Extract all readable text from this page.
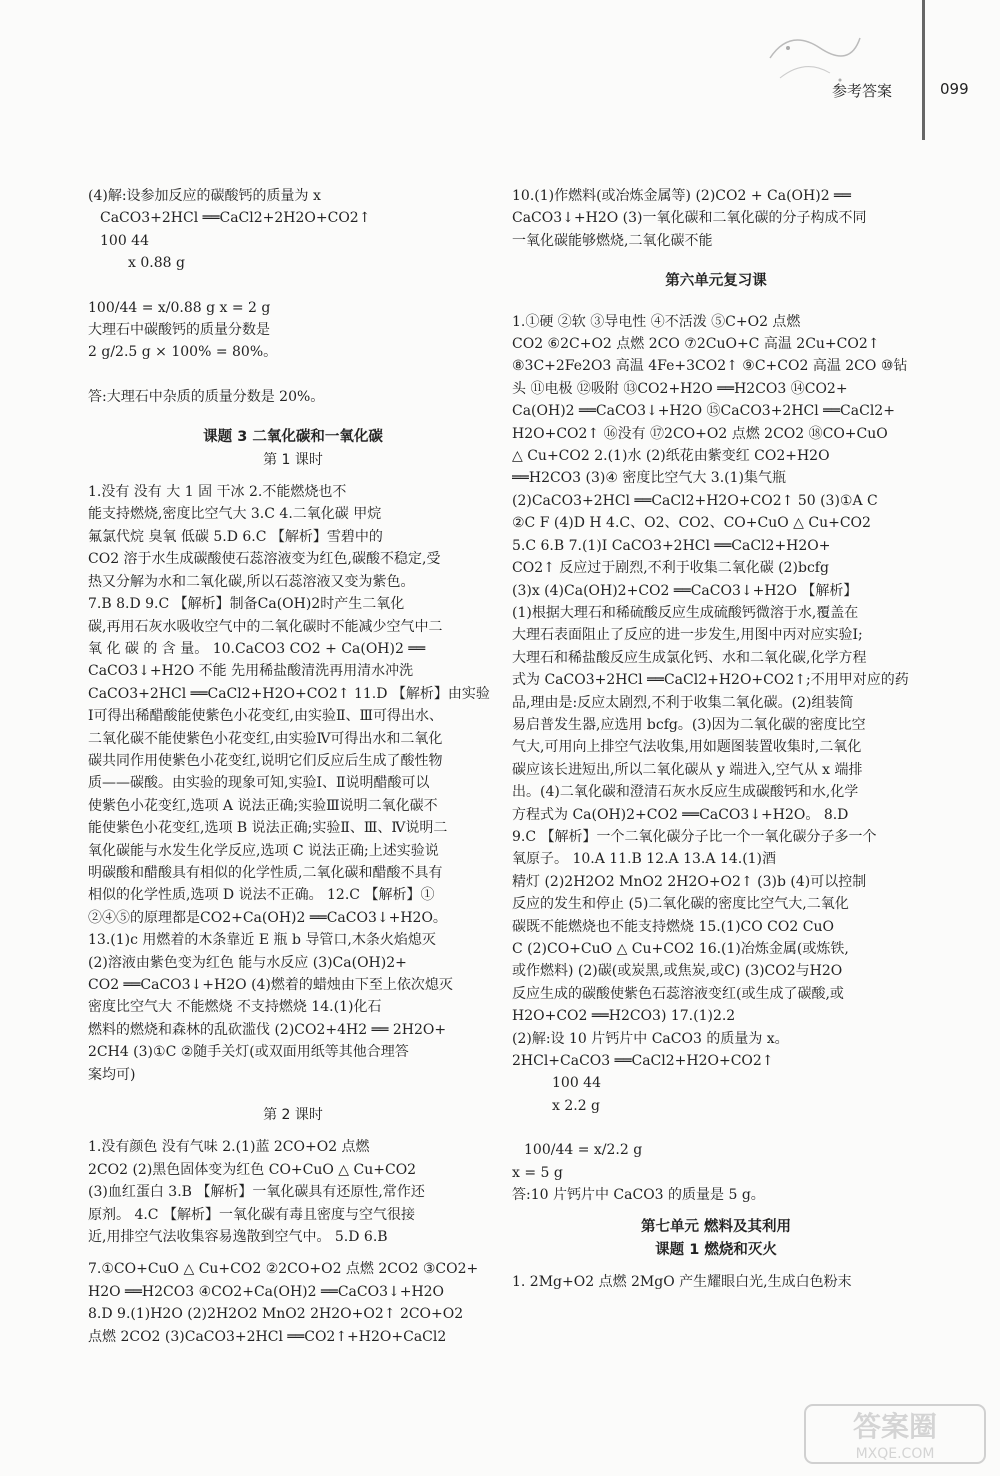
参考答案	099
(4)解:设参加反应的碳酸钙的质量为 x
CaCO3+2HCl ══CaCl2+2H2O+CO2↑
100 44
x 0.88 g
100/44 = x/0.88 g x = 2 g
大理石中碳酸钙的质量分数是
2 g/2.5 g × 100% = 80%。
答:大理石中杂质的质量分数是 20%。
课题 3 二氧化碳和一氧化碳
第 1 课时
1.没有 没有 大 1 固 干冰 2.不能燃烧也不
能支持燃烧,密度比空气大 3.C 4.二氧化碳 甲烷
氟氯代烷 臭氧 低碳 5.D 6.C 【解析】雪碧中的
CO2 溶于水生成碳酸使石蕊溶液变为红色,碳酸不稳定,受
热又分解为水和二氧化碳,所以石蕊溶液又变为紫色。
7.B 8.D 9.C 【解析】制备Ca(OH)2时产生二氧化
碳,再用石灰水吸收空气中的二氧化碳时不能减少空气中二
氧 化 碳 的 含 量。 10.CaCO3 CO2 + Ca(OH)2 ══
CaCO3↓+H2O 不能 先用稀盐酸清洗再用清水冲洗
CaCO3+2HCl ══CaCl2+H2O+CO2↑ 11.D 【解析】由实验
Ⅰ可得出稀醋酸能使紫色小花变红,由实验Ⅱ、Ⅲ可得出水、
二氧化碳不能使紫色小花变红,由实验Ⅳ可得出水和二氧化
碳共同作用使紫色小花变红,说明它们反应后生成了酸性物
质——碳酸。由实验的现象可知,实验Ⅰ、Ⅱ说明醋酸可以
使紫色小花变红,选项 A 说法正确;实验Ⅲ说明二氧化碳不
能使紫色小花变红,选项 B 说法正确;实验Ⅱ、Ⅲ、Ⅳ说明二
氧化碳能与水发生化学反应,选项 C 说法正确;上述实验说
明碳酸和醋酸具有相似的化学性质,二氧化碳和醋酸不具有
相似的化学性质,选项 D 说法不正确。 12.C 【解析】①
②④⑤的原理都是CO2+Ca(OH)2 ══CaCO3↓+H2O。
13.(1)c 用燃着的木条靠近 E 瓶 b 导管口,木条火焰熄灭
(2)溶液由紫色变为红色 能与水反应 (3)Ca(OH)2+
CO2 ══CaCO3↓+H2O (4)燃着的蜡烛由下至上依次熄灭
密度比空气大 不能燃烧 不支持燃烧 14.(1)化石
燃料的燃烧和森林的乱砍滥伐 (2)CO2+4H2 ══ 2H2O+
2CH4 (3)①C ②随手关灯(或双面用纸等其他合理答
案均可)
第 2 课时
1.没有颜色 没有气味 2.(1)蓝 2CO+O2 点燃
2CO2 (2)黑色固体变为红色 CO+CuO △ Cu+CO2
(3)血红蛋白 3.B 【解析】一氧化碳具有还原性,常作还
原剂。 4.C 【解析】一氧化碳有毒且密度与空气很接
近,用排空气法收集容易逸散到空气中。 5.D 6.B
7.①CO+CuO △ Cu+CO2 ②2CO+O2 点燃 2CO2 ③CO2+
H2O ══H2CO3 ④CO2+Ca(OH)2 ══CaCO3↓+H2O
8.D 9.(1)H2O (2)2H2O2 MnO2 2H2O+O2↑ 2CO+O2
点燃 2CO2 (3)CaCO3+2HCl ══CO2↑+H2O+CaCl2
10.(1)作燃料(或冶炼金属等) (2)CO2 + Ca(OH)2 ══
CaCO3↓+H2O (3)一氧化碳和二氧化碳的分子构成不同
一氧化碳能够燃烧,二氧化碳不能
第六单元复习课
1.①硬 ②软 ③导电性 ④不活泼 ⑤C+O2 点燃
CO2 ⑥2C+O2 点燃 2CO ⑦2CuO+C 高温 2Cu+CO2↑
⑧3C+2Fe2O3 高温 4Fe+3CO2↑ ⑨C+CO2 高温 2CO ⑩钻
头 ⑪电极 ⑫吸附 ⑬CO2+H2O ══H2CO3 ⑭CO2+
Ca(OH)2 ══CaCO3↓+H2O ⑮CaCO3+2HCl ══CaCl2+
H2O+CO2↑ ⑯没有 ⑰2CO+O2 点燃 2CO2 ⑱CO+CuO
△ Cu+CO2 2.(1)水 (2)纸花由紫变红 CO2+H2O
══H2CO3 (3)④ 密度比空气大 3.(1)集气瓶
(2)CaCO3+2HCl ══CaCl2+H2O+CO2↑ 50 (3)①A C
②C F (4)D H 4.C、O2、CO2、CO+CuO △ Cu+CO2
5.C 6.B 7.(1)Ⅰ CaCO3+2HCl ══CaCl2+H2O+
CO2↑ 反应过于剧烈,不利于收集二氧化碳 (2)bcfg
(3)x (4)Ca(OH)2+CO2 ══CaCO3↓+H2O 【解析】
(1)根据大理石和稀硫酸反应生成硫酸钙微溶于水,覆盖在
大理石表面阻止了反应的进一步发生,用图中丙对应实验Ⅰ;
大理石和稀盐酸反应生成氯化钙、水和二氧化碳,化学方程
式为 CaCO3+2HCl ══CaCl2+H2O+CO2↑;不用甲对应的药
品,理由是:反应太剧烈,不利于收集二氧化碳。(2)组装简
易启普发生器,应选用 bcfg。(3)因为二氧化碳的密度比空
气大,可用向上排空气法收集,用如题图装置收集时,二氧化
碳应该长进短出,所以二氧化碳从 y 端进入,空气从 x 端排
出。(4)二氧化碳和澄清石灰水反应生成碳酸钙和水,化学
方程式为 Ca(OH)2+CO2 ══CaCO3↓+H2O。 8.D
9.C 【解析】一个二氧化碳分子比一个一氧化碳分子多一个
氧原子。 10.A 11.B 12.A 13.A 14.(1)酒
精灯 (2)2H2O2 MnO2 2H2O+O2↑ (3)b (4)可以控制
反应的发生和停止 (5)二氧化碳的密度比空气大,二氧化
碳既不能燃烧也不能支持燃烧 15.(1)CO CO2 CuO
C (2)CO+CuO △ Cu+CO2 16.(1)冶炼金属(或炼铁,
或作燃料) (2)碳(或炭黑,或焦炭,或C) (3)CO2与H2O
反应生成的碳酸使紫色石蕊溶液变红(或生成了碳酸,或
H2O+CO2 ══H2CO3) 17.(1)2.2
(2)解:设 10 片钙片中 CaCO3 的质量为 x。
2HCl+CaCO3 ══CaCl2+H2O+CO2↑
100 44
x 2.2 g
100/44 = x/2.2 g
x = 5 g
答:10 片钙片中 CaCO3 的质量是 5 g。
第七单元 燃料及其利用
课题 1 燃烧和灭火
1. 2Mg+O2 点燃 2MgO 产生耀眼白光,生成白色粉末
答案圈
MXQE.COM
